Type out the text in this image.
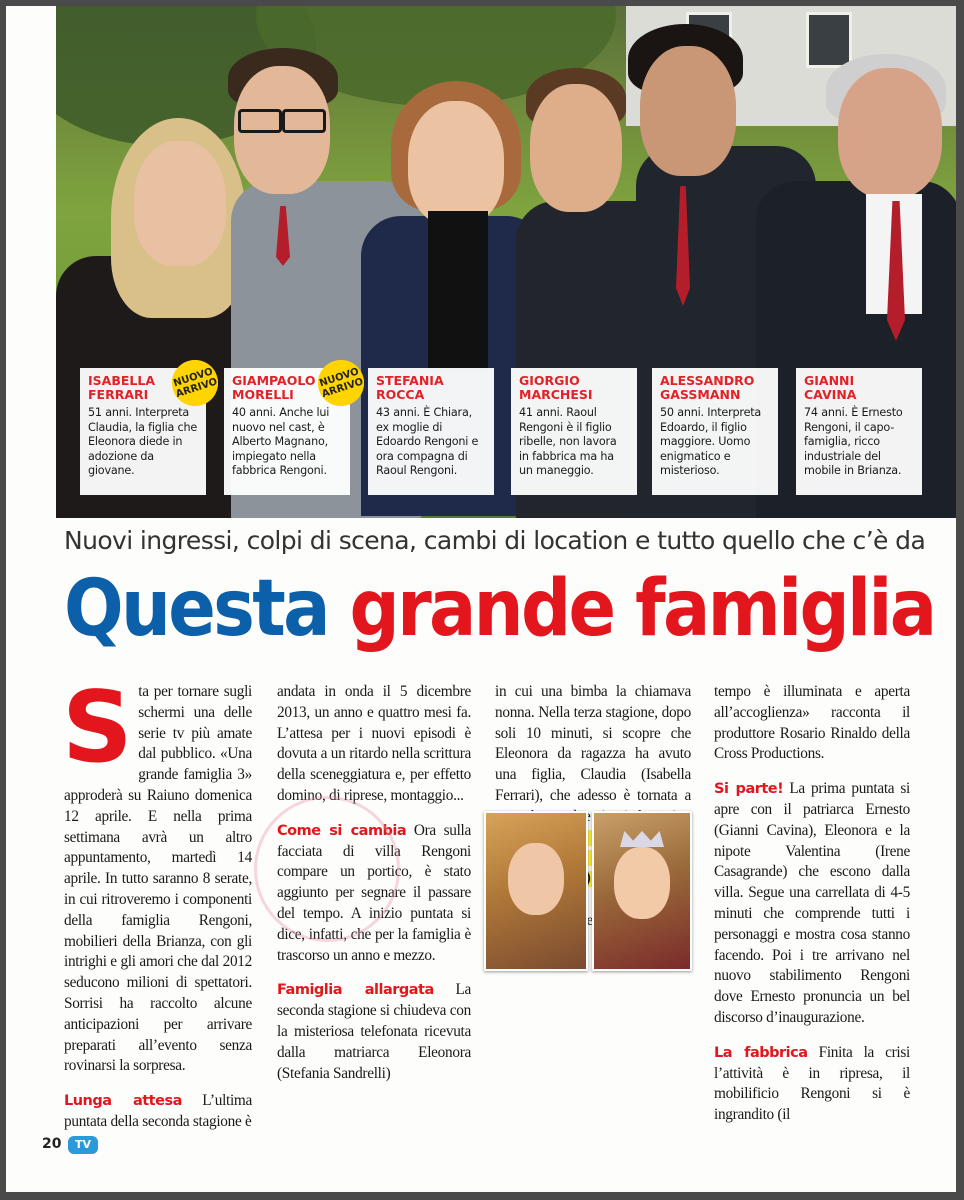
ISABELLA
FERRARI
51 anni. Interpreta Claudia, la figlia che Eleonora diede in adozione da giovane.
NUOVO ARRIVO	GIAMPAOLO
MORELLI
40 anni. Anche lui nuovo nel cast, è Alberto Magnano, impiegato nella fabbrica Rengoni.
NUOVO ARRIVO STEFANIA
ROCCA
43 anni. È Chiara, ex moglie di Edoardo Rengoni e ora compagna di Raoul Rengoni.
GIORGIO
MARCHESI
41 anni. Raoul Rengoni è il figlio ribelle, non lavora in fabbrica ma ha un maneggio.
ALESSANDRO
GASSMANN
50 anni. Interpreta Edoardo, il figlio maggiore. Uomo enigmatico e misterioso.
GIANNI
CAVINA
74 anni. È Ernesto Rengoni, il capo-famiglia, ricco industriale del mobile in Brianza.
Nuovi ingressi, colpi di scena, cambi di location e tutto quello che c’è da
Questa grande famiglia

Sta per tornare sugli schermi una delle serie tv più amate dal pubblico. «Una grande famiglia 3» approderà su Raiuno domenica 12 aprile. E nella prima settimana avrà un altro appuntamento, martedì 14 aprile. In tutto saranno 8 serate, in cui ritroveremo i componenti della famiglia Rengoni, mobilieri della Brianza, con gli intrighi e gli amori che dal 2012 seducono milioni di spettatori. Sorrisi ha raccolto alcune anticipazioni per arrivare preparati all’evento senza rovinarsi la sorpresa.

Lunga attesa L’ultima puntata della seconda stagione è

andata in onda il 5 dicembre 2013, un anno e quattro mesi fa. L’attesa per i nuovi episodi è dovuta a un ritardo nella scrittura della sceneggiatura e, per effetto domino, di riprese, montaggio...

Come si cambia Ora sulla facciata di villa Rengoni compare un portico, è stato aggiunto per segnare il passare del tempo. A inizio puntata si dice, infatti, che per la famiglia è trascorso un anno e mezzo.

Famiglia allargata La seconda stagione si chiudeva con la misteriosa telefonata ricevuta dalla matriarca Eleonora (Stefania Sandrelli)

in cui una bimba la chiamava nonna. Nella terza stagione, dopo soli 10 minuti, si scopre che Eleonora da ragazza ha avuto una figlia, Claudia (Isabella Ferrari), che adesso è tornata a

tempo è illuminata e aperta all’accoglienza» racconta il produttore Rosario Rinaldo della Cross Productions.

Si parte! La prima puntata si apre con il patriarca Ernesto (Gianni Cavina), Eleonora e la nipote Valentina (Irene Casagrande) che escono dalla villa. Segue una carrellata di 4-5 minuti che comprende tutti i personaggi e mostra cosa stanno facendo. Poi i tre arrivano nel nuovo stabilimento Rengoni dove Ernesto pronuncia un bel discorso d’inaugurazione.

La fabbrica Finita la crisi l’attività è in ripresa, il mobilificio Rengoni si è ingrandito (il

20	TV
